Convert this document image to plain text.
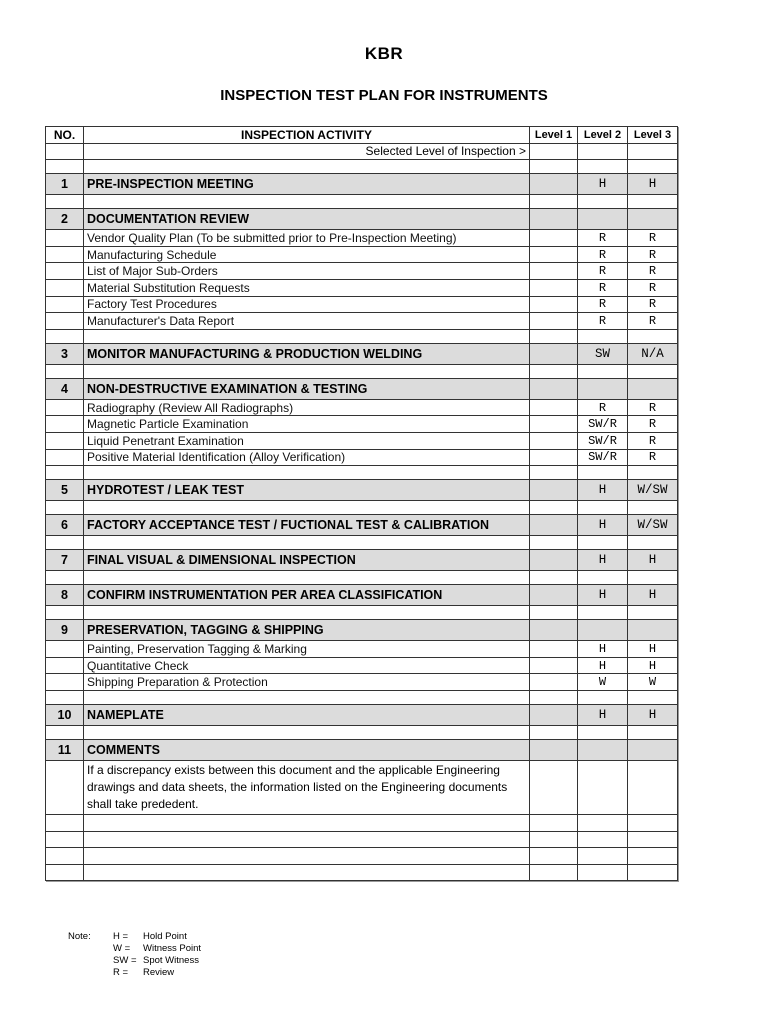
KBR
INSPECTION TEST PLAN FOR INSTRUMENTS
NO.	INSPECTION ACTIVITY	Level 1	Level 2	Level 3
	Selected Level of Inspection >			

1	PRE-INSPECTION MEETING		H	H

2	DOCUMENTATION REVIEW			
	Vendor Quality Plan (To be submitted prior to Pre-Inspection Meeting)		R	R
	Manufacturing Schedule		R	R
	List of Major Sub-Orders		R	R
	Material Substitution Requests		R	R
	Factory Test Procedures		R	R
	Manufacturer's Data Report		R	R

3	MONITOR MANUFACTURING & PRODUCTION WELDING		SW	N/A

4	NON-DESTRUCTIVE EXAMINATION & TESTING			
	Radiography (Review All Radiographs)		R	R
	Magnetic Particle Examination		SW/R	R
	Liquid Penetrant Examination		SW/R	R
	Positive Material Identification (Alloy Verification)		SW/R	R

5	HYDROTEST / LEAK TEST		H	W/SW

6	FACTORY ACCEPTANCE TEST / FUCTIONAL TEST & CALIBRATION		H	W/SW

7	FINAL VISUAL & DIMENSIONAL INSPECTION		H	H

8	CONFIRM INSTRUMENTATION PER AREA CLASSIFICATION		H	H

9	PRESERVATION, TAGGING & SHIPPING			
	Painting, Preservation Tagging & Marking		H	H
	Quantitative Check		H	H
	Shipping Preparation & Protection		W	W

10	NAMEPLATE		H	H

11	COMMENTS			
	If a discrepancy exists between this document and the applicable Engineering drawings and data sheets, the information listed on the Engineering documents shall take prededent.			

Note: H = Hold Point
W = Witness Point
SW = Spot Witness
R = Review
